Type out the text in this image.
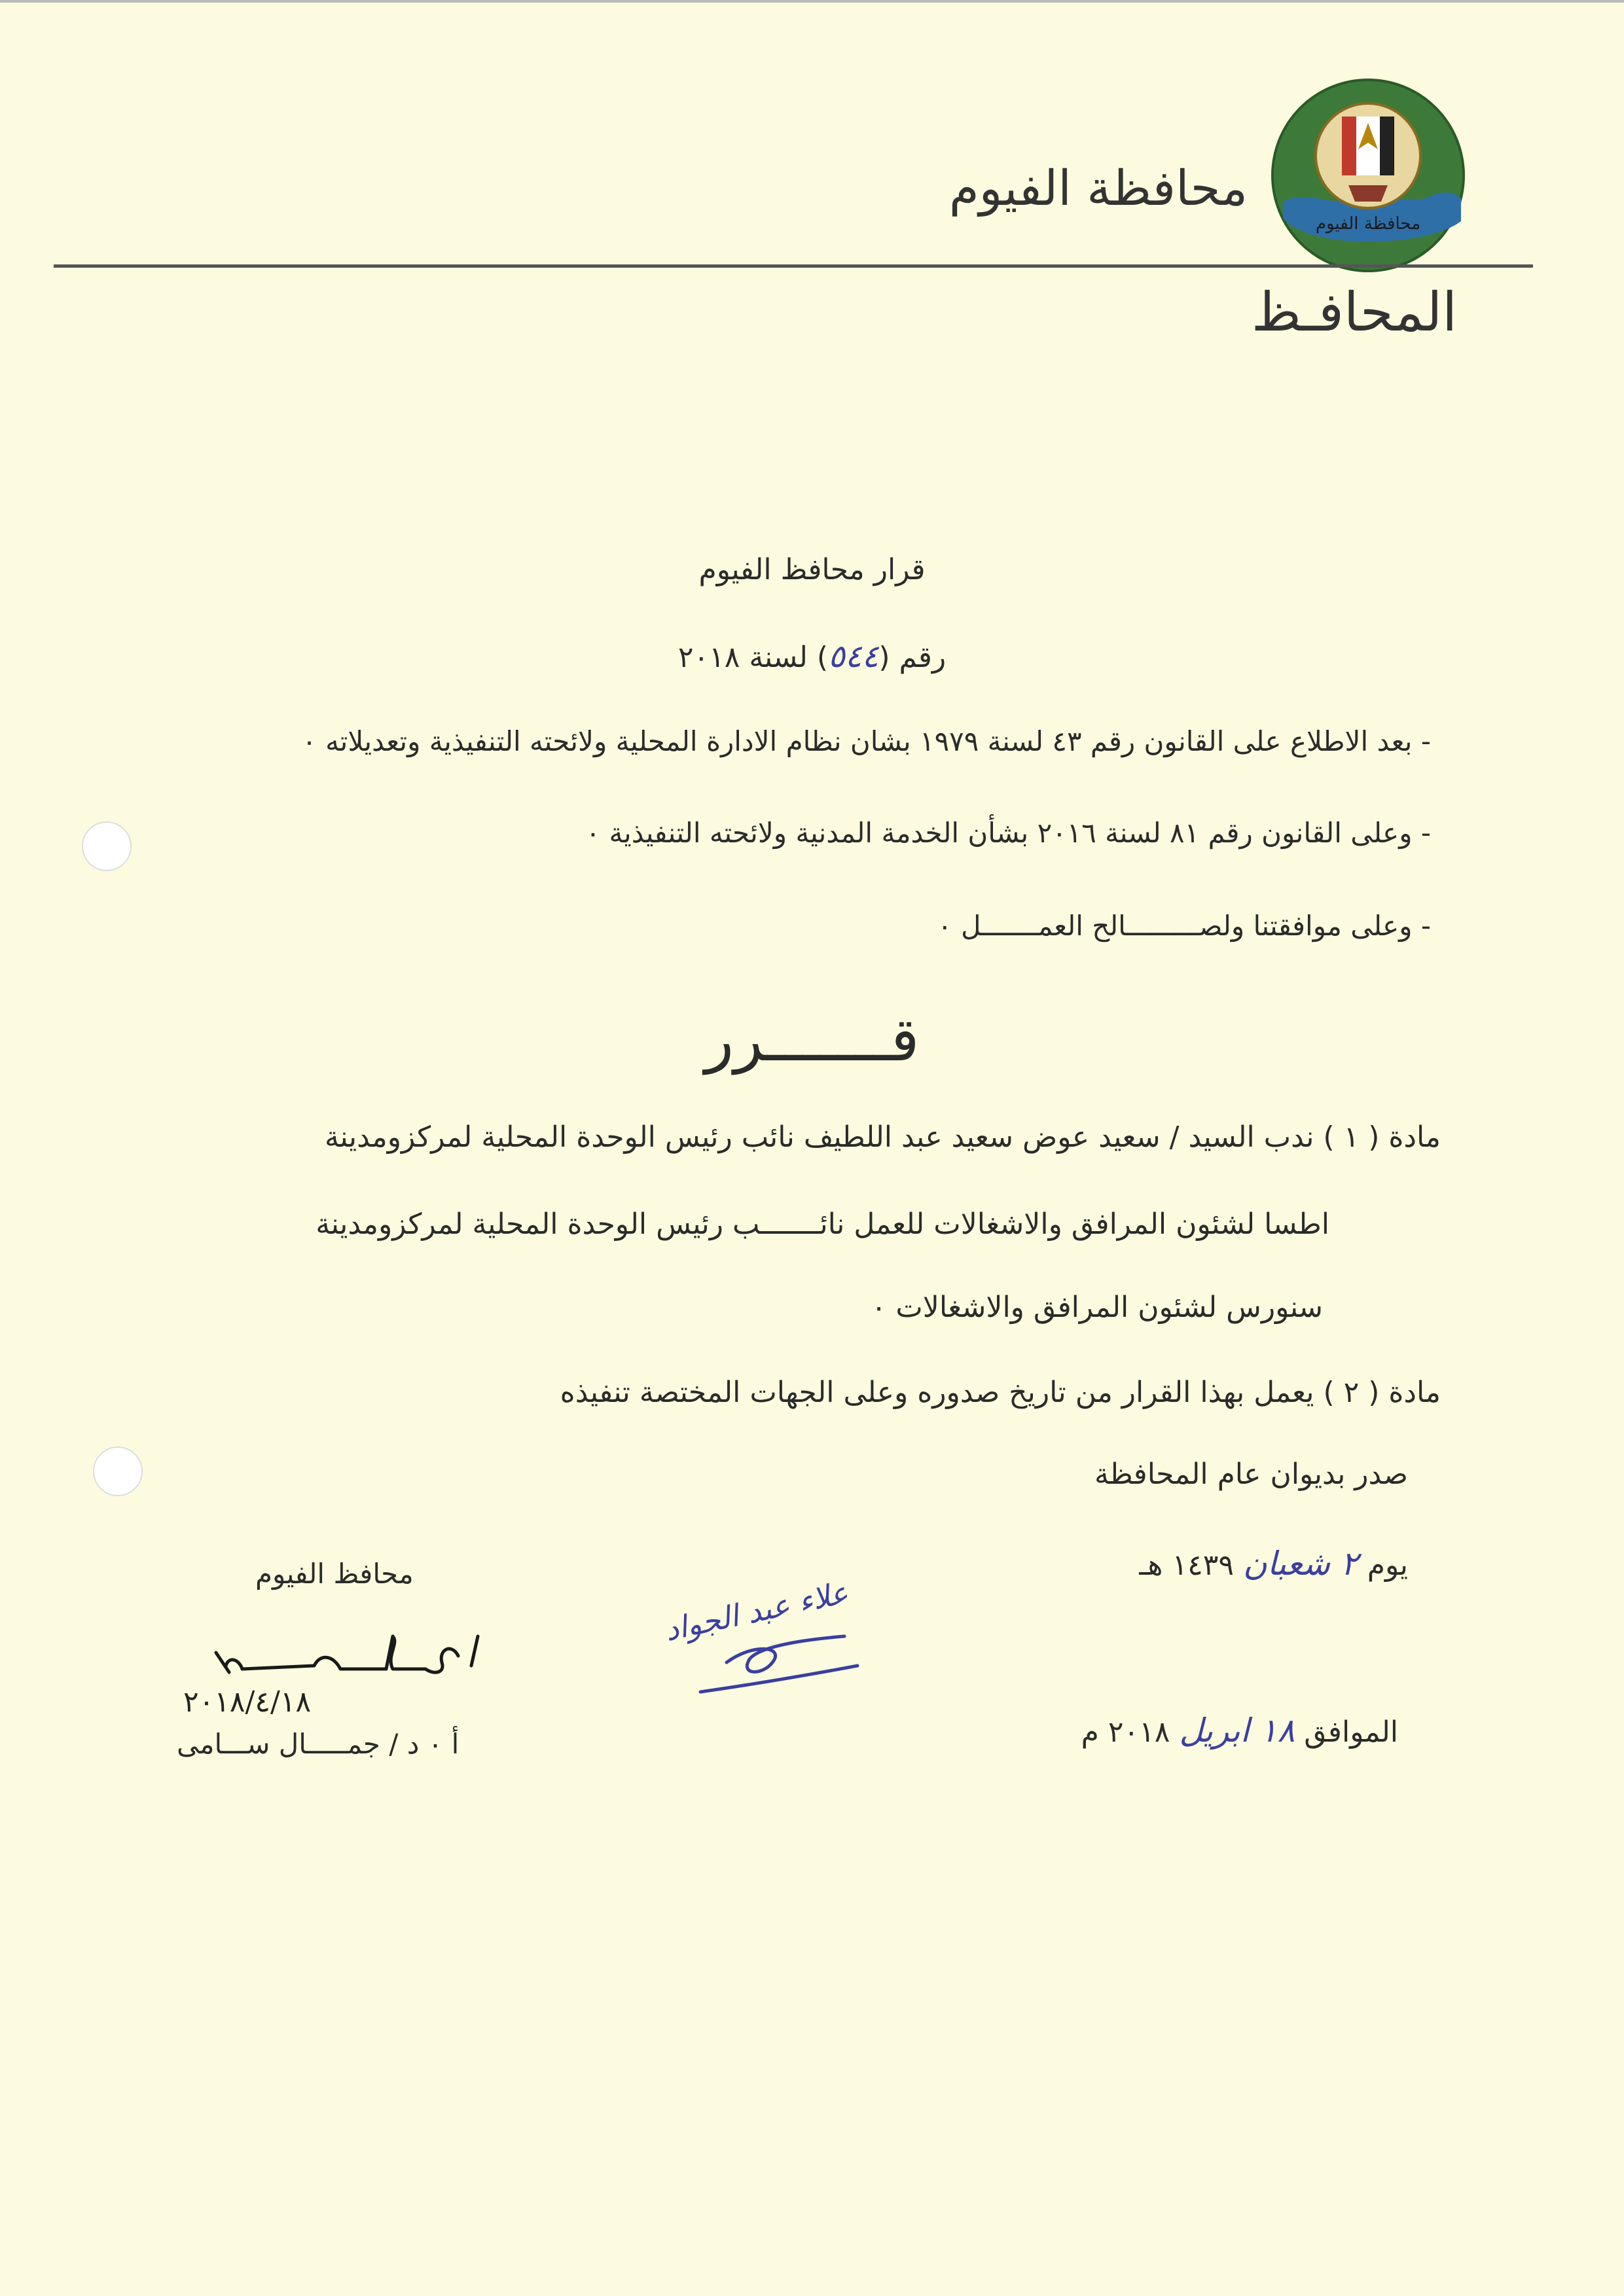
محافظة الفيوم
محافظة الفيوم
المحافـظ
قرار محافظ الفيوم
رقم (٥٤٤) لسنة ٢٠١٨
- بعد الاطلاع على القانون رقم ٤٣ لسنة ١٩٧٩ بشان نظام الادارة المحلية ولائحته التنفيذية وتعديلاته ٠
- وعلى القانون رقم ٨١ لسنة ٢٠١٦ بشأن الخدمة المدنية ولائحته التنفيذية ٠
- وعلى موافقتنا ولصـــــــــالح العمـــــــل ٠
قـــــــرر
مادة ( ١ ) ندب السيد / سعيد عوض سعيد عبد اللطيف نائب رئيس الوحدة المحلية لمركزومدينة
اطسا لشئون المرافق والاشغالات للعمل نائـــــــب رئيس الوحدة المحلية لمركزومدينة
سنورس لشئون المرافق والاشغالات ٠
مادة ( ٢ ) يعمل بهذا القرار من تاريخ صدوره وعلى الجهات المختصة تنفيذه
صدر بديوان عام المحافظة
يوم ٢ شعبان ١٤٣٩ هـ
الموافق ١٨ ابريل ٢٠١٨ م
محافظ الفيوم
٢٠١٨/٤/١٨
أ ٠ د / جمـــــال ســـامى
علاء عبد الجواد
